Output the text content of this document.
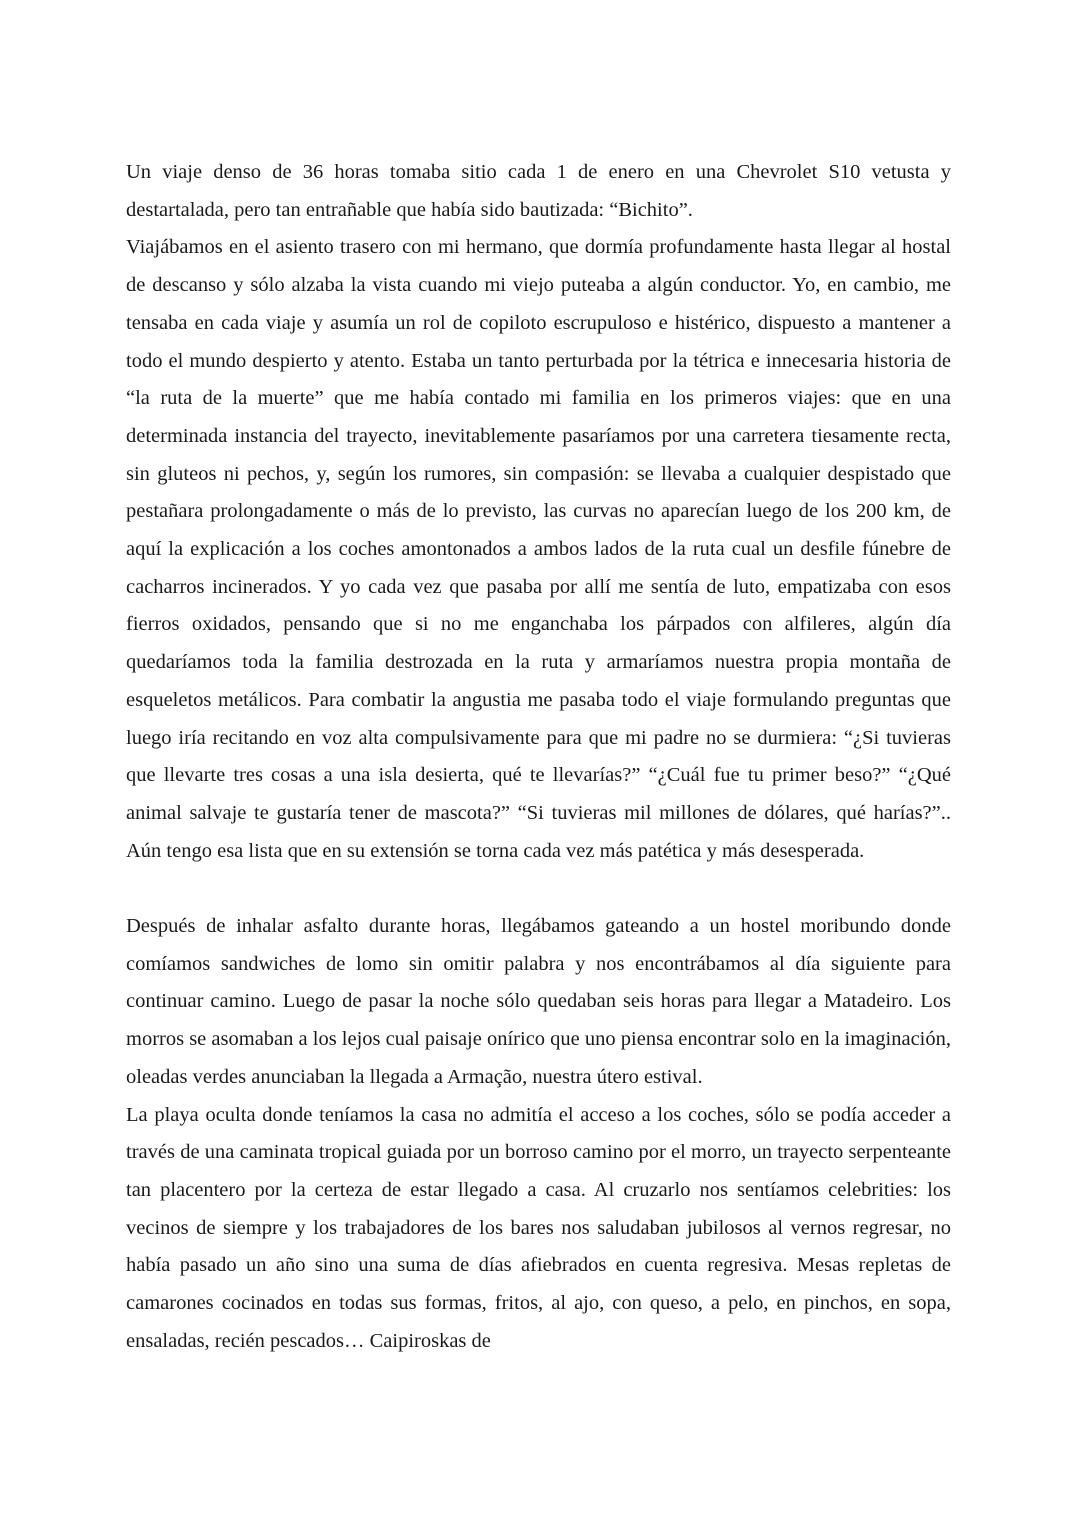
Un viaje denso de 36 horas tomaba sitio cada 1 de enero en una Chevrolet S10 vetusta y destartalada, pero tan entrañable que había sido bautizada: “Bichito”.

Viajábamos en el asiento trasero con mi hermano, que dormía profundamente hasta llegar al hostal de descanso y sólo alzaba la vista cuando mi viejo puteaba a algún conductor. Yo, en cambio, me tensaba en cada viaje y asumía un rol de copiloto escrupuloso e histérico, dispuesto a mantener a todo el mundo despierto y atento. Estaba un tanto perturbada por la tétrica e innecesaria historia de “la ruta de la muerte” que me había contado mi familia en los primeros viajes: que en una determinada instancia del trayecto, inevitablemente pasaríamos por una carretera tiesamente recta, sin gluteos ni pechos, y, según los rumores, sin compasión: se llevaba a cualquier despistado que pestañara prolongadamente o más de lo previsto, las curvas no aparecían luego de los 200 km, de aquí la explicación a los coches amontonados a ambos lados de la ruta cual un desfile fúnebre de cacharros incinerados. Y yo cada vez que pasaba por allí me sentía de luto, empatizaba con esos fierros oxidados, pensando que si no me enganchaba los párpados con alfileres, algún día quedaríamos toda la familia destrozada en la ruta y armaríamos nuestra propia montaña de esqueletos metálicos. Para combatir la angustia me pasaba todo el viaje formulando preguntas que luego iría recitando en voz alta compulsivamente para que mi padre no se durmiera: “¿Si tuvieras que llevarte tres cosas a una isla desierta, qué te llevarías?” “¿Cuál fue tu primer beso?” “¿Qué animal salvaje te gustaría tener de mascota?” “Si tuvieras mil millones de dólares, qué harías?”.. Aún tengo esa lista que en su extensión se torna cada vez más patética y más desesperada.

Después de inhalar asfalto durante horas, llegábamos gateando a un hostel moribundo donde comíamos sandwiches de lomo sin omitir palabra y nos encontrábamos al día siguiente para continuar camino. Luego de pasar la noche sólo quedaban seis horas para llegar a Matadeiro. Los morros se asomaban a los lejos cual paisaje onírico que uno piensa encontrar solo en la imaginación, oleadas verdes anunciaban la llegada a Armação, nuestra útero estival.

La playa oculta donde teníamos la casa no admitía el acceso a los coches, sólo se podía acceder a través de una caminata tropical guiada por un borroso camino por el morro, un trayecto serpenteante tan placentero por la certeza de estar llegado a casa. Al cruzarlo nos sentíamos celebrities: los vecinos de siempre y los trabajadores de los bares nos saludaban jubilosos al vernos regresar, no había pasado un año sino una suma de días afiebrados en cuenta regresiva. Mesas repletas de camarones cocinados en todas sus formas, fritos, al ajo, con queso, a pelo, en pinchos, en sopa, ensaladas, recién pescados… Caipiroskas de
